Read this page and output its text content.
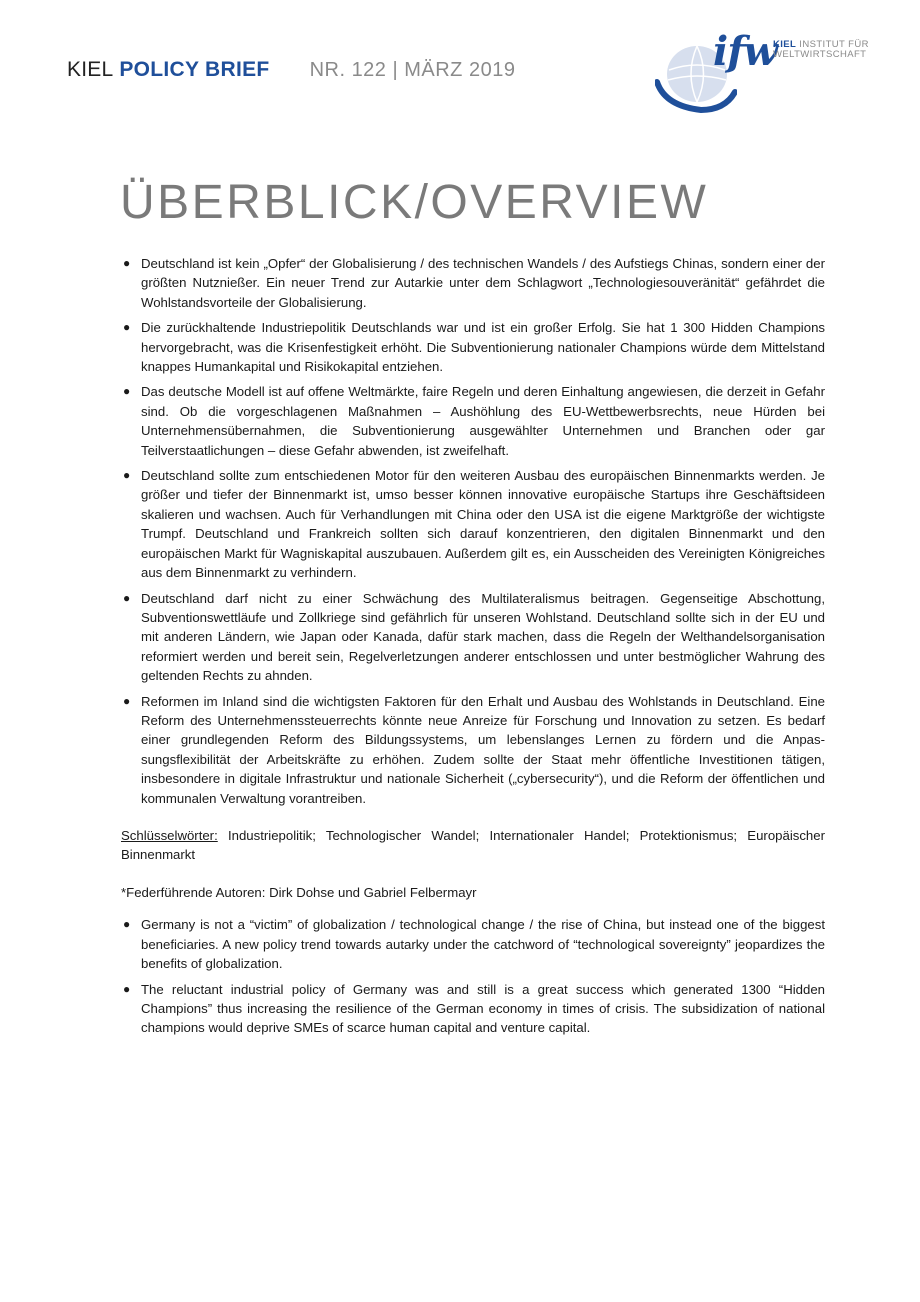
KIEL POLICY BRIEF NR. 122 | MÄRZ 2019	ifw
KIEL INSTITUT FÜR
WELTWIRTSCHAFT
ÜBERBLICK/OVERVIEW
● Deutschland ist kein „Opfer“ der Globalisierung / des technischen Wandels / des Aufstiegs Chinas, sondern einer der größten Nutznießer. Ein neuer Trend zur Autarkie unter dem Schlagwort „Technologiesouveränität“ gefährdet die Wohlstandsvorteile der Globalisierung.
● Die zurückhaltende Industriepolitik Deutschlands war und ist ein großer Erfolg. Sie hat 1 300 Hidden Champions hervorgebracht, was die Krisenfestigkeit erhöht. Die Subventionierung nationaler Champions würde dem Mittelstand knappes Humankapital und Risikokapital entziehen.
● Das deutsche Modell ist auf offene Weltmärkte, faire Regeln und deren Einhaltung angewiesen, die derzeit in Gefahr sind. Ob die vorgeschlagenen Maßnahmen – Aushöhlung des EU-Wettbewerbsrechts, neue Hürden bei Unternehmensübernahmen, die Subventionierung ausgewählter Unternehmen und Branchen oder gar Teilverstaatlichungen – diese Gefahr abwenden, ist zweifelhaft.
● Deutschland sollte zum entschiedenen Motor für den weiteren Ausbau des europäischen Binnenmarkts werden. Je größer und tiefer der Binnenmarkt ist, umso besser können innovative europäische Startups ihre Geschäftsideen skalieren und wachsen. Auch für Verhandlungen mit China oder den USA ist die eigene Marktgröße der wichtigste Trumpf. Deutschland und Frankreich sollten sich darauf konzentrieren, den digitalen Binnenmarkt und den europäischen Markt für Wagniskapital auszubauen. Außerdem gilt es, ein Ausscheiden des Vereinigten Königreiches aus dem Binnenmarkt zu verhindern.
● Deutschland darf nicht zu einer Schwächung des Multilateralismus beitragen. Gegenseitige Abschottung, Subventionswettläufe und Zollkriege sind gefährlich für unseren Wohlstand. Deutschland sollte sich in der EU und mit anderen Ländern, wie Japan oder Kanada, dafür stark machen, dass die Regeln der Welthandelsorganisation reformiert werden und bereit sein, Regelverletzungen anderer entschlossen und unter bestmöglicher Wahrung des geltenden Rechts zu ahnden.
● Reformen im Inland sind die wichtigsten Faktoren für den Erhalt und Ausbau des Wohlstands in Deutschland. Eine Reform des Unternehmenssteuerrechts könnte neue Anreize für Forschung und Innovation zu setzen. Es bedarf einer grundlegenden Reform des Bildungssystems, um lebenslanges Lernen zu fördern und die Anpassungsflexibilität der Arbeitskräfte zu erhöhen. Zudem sollte der Staat mehr öffentliche Investitionen tätigen, insbesondere in digitale Infrastruktur und nationale Sicherheit („cybersecurity“), und die Reform der öffentlichen und kommunalen Verwaltung vorantreiben.

Schlüsselwörter: Industriepolitik; Technologischer Wandel; Internationaler Handel; Protektionismus; Europäischer Binnenmarkt

*Federführende Autoren: Dirk Dohse und Gabriel Felbermayr

● Germany is not a “victim” of globalization / technological change / the rise of China, but instead one of the biggest beneficiaries. A new policy trend towards autarky under the catchword of “technological sovereignty” jeopardizes the benefits of globalization.
● The reluctant industrial policy of Germany was and still is a great success which generated 1300 “Hidden Champions” thus increasing the resilience of the German economy in times of crisis. The subsidization of national champions would deprive SMEs of scarce human capital and venture capital.
